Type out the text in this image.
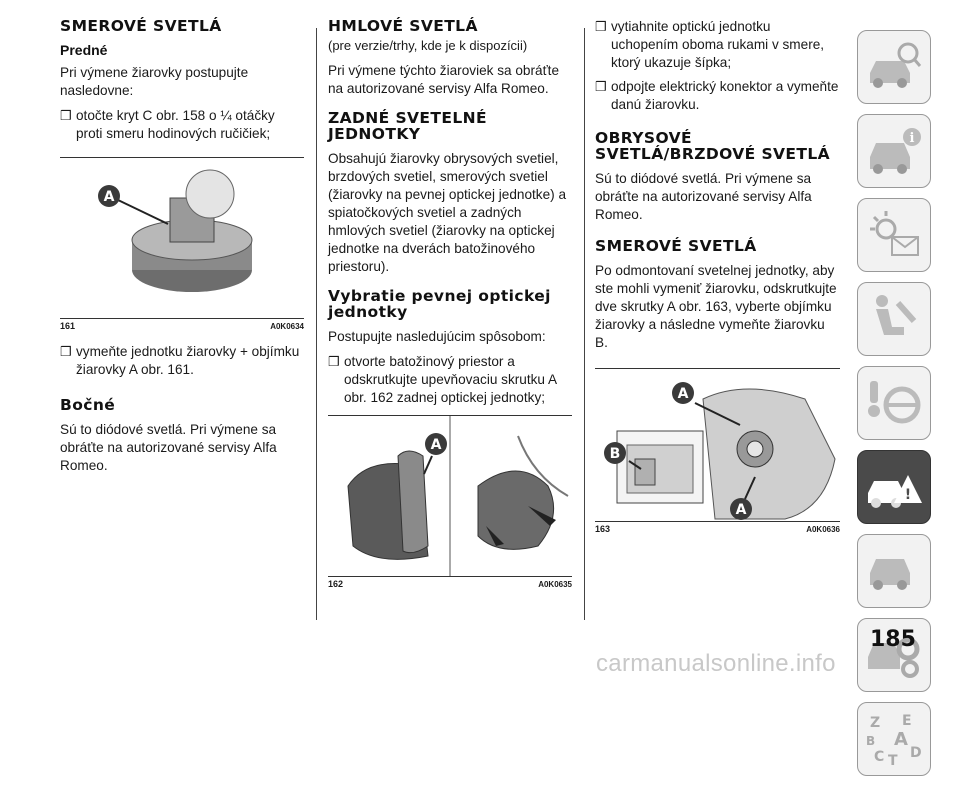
SMEROVÉ SVETLÁ
Predné

Pri výmene žiarovky postupujte nasledovne:

❒ otočte kryt C obr. 158 o ¼ otáčky proti smeru hodinových ručičiek;
A
161	A0K0634
❒ vymeňte jednotku žiarovky + objímku žiarovky A obr. 161.
Bočné

Sú to diódové svetlá. Pri výmene sa obráťte na autorizované servisy Alfa Romeo.

HMLOVÉ SVETLÁ
(pre verzie/trhy, kde je k dispozícii)

Pri výmene týchto žiaroviek sa obráťte na autorizované servisy Alfa Romeo.

ZADNÉ SVETELNÉ JEDNOTKY

Obsahujú žiarovky obrysových svetiel, brzdových svetiel, smerových svetiel (žiarovky na pevnej optickej jednotke) a spiatočkových svetiel a zadných hmlových svetiel (žiarovky na optickej jednotke na dverách batožinového priestoru).

Vybratie pevnej optickej jednotky

Postupujte nasledujúcim spôsobom:

❒ otvorte batožinový priestor a odskrutkujte upevňovaciu skrutku A obr. 162 zadnej optickej jednotky;
A
162	A0K0635
❒ vytiahnite optickú jednotku uchopením oboma rukami v smere, ktorý ukazuje šípka;
❒ odpojte elektrický konektor a vymeňte danú žiarovku.
OBRYSOVÉ SVETLÁ/BRZDOVÉ SVETLÁ

Sú to diódové svetlá. Pri výmene sa obráťte na autorizované servisy Alfa Romeo.

SMEROVÉ SVETLÁ

Po odmontovaní svetelnej jednotky, aby ste mohli vymeniť žiarovku, odskrutkujte dve skrutky A obr. 163, vyberte objímku žiarovky a následne vymeňte žiarovku B.

A
B
A
163	A0K0636
i
!
Z E
B A
C T D
185
carmanualsonline.info
